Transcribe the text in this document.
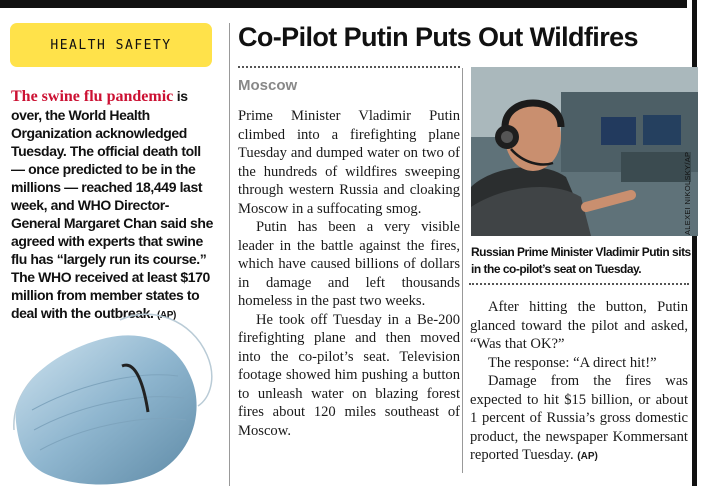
HEALTH SAFETY
The swine flu pandemic is over, the World Health Organization acknowledged Tuesday. The official death toll — once predicted to be in the millions — reached 18,449 last week, and WHO Director-General Margaret Chan said she agreed with experts that swine flu has “largely run its course.” The WHO received at least $170 million from member states to deal with the outbreak. (AP)
Co-Pilot Putin Puts Out Wildfires
Moscow

Prime Minister Vladimir Putin climbed into a firefighting plane Tuesday and dumped water on two of the hundreds of wildfires sweeping through western Russia and cloaking Moscow in a suffocating smog.

Putin has been a very visible leader in the battle against the fires, which have caused billions of dollars in damage and left thousands homeless in the past two weeks.

He took off Tuesday in a Be-200 firefighting plane and then moved into the co-pilot’s seat. Television footage showed him pushing a button to unleash water on blazing forest fires about 120 miles southeast of Moscow.

ALEXEI NIKOLSKY/AP
Russian Prime Minister Vladimir Putin sits in the co-pilot’s seat on Tuesday.

After hitting the button, Putin glanced toward the pilot and asked, “Was that OK?”

The response: “A direct hit!”

Damage from the fires was expected to hit $15 billion, or about 1 percent of Russia’s gross domestic product, the newspaper Kommersant reported Tuesday. (AP)
